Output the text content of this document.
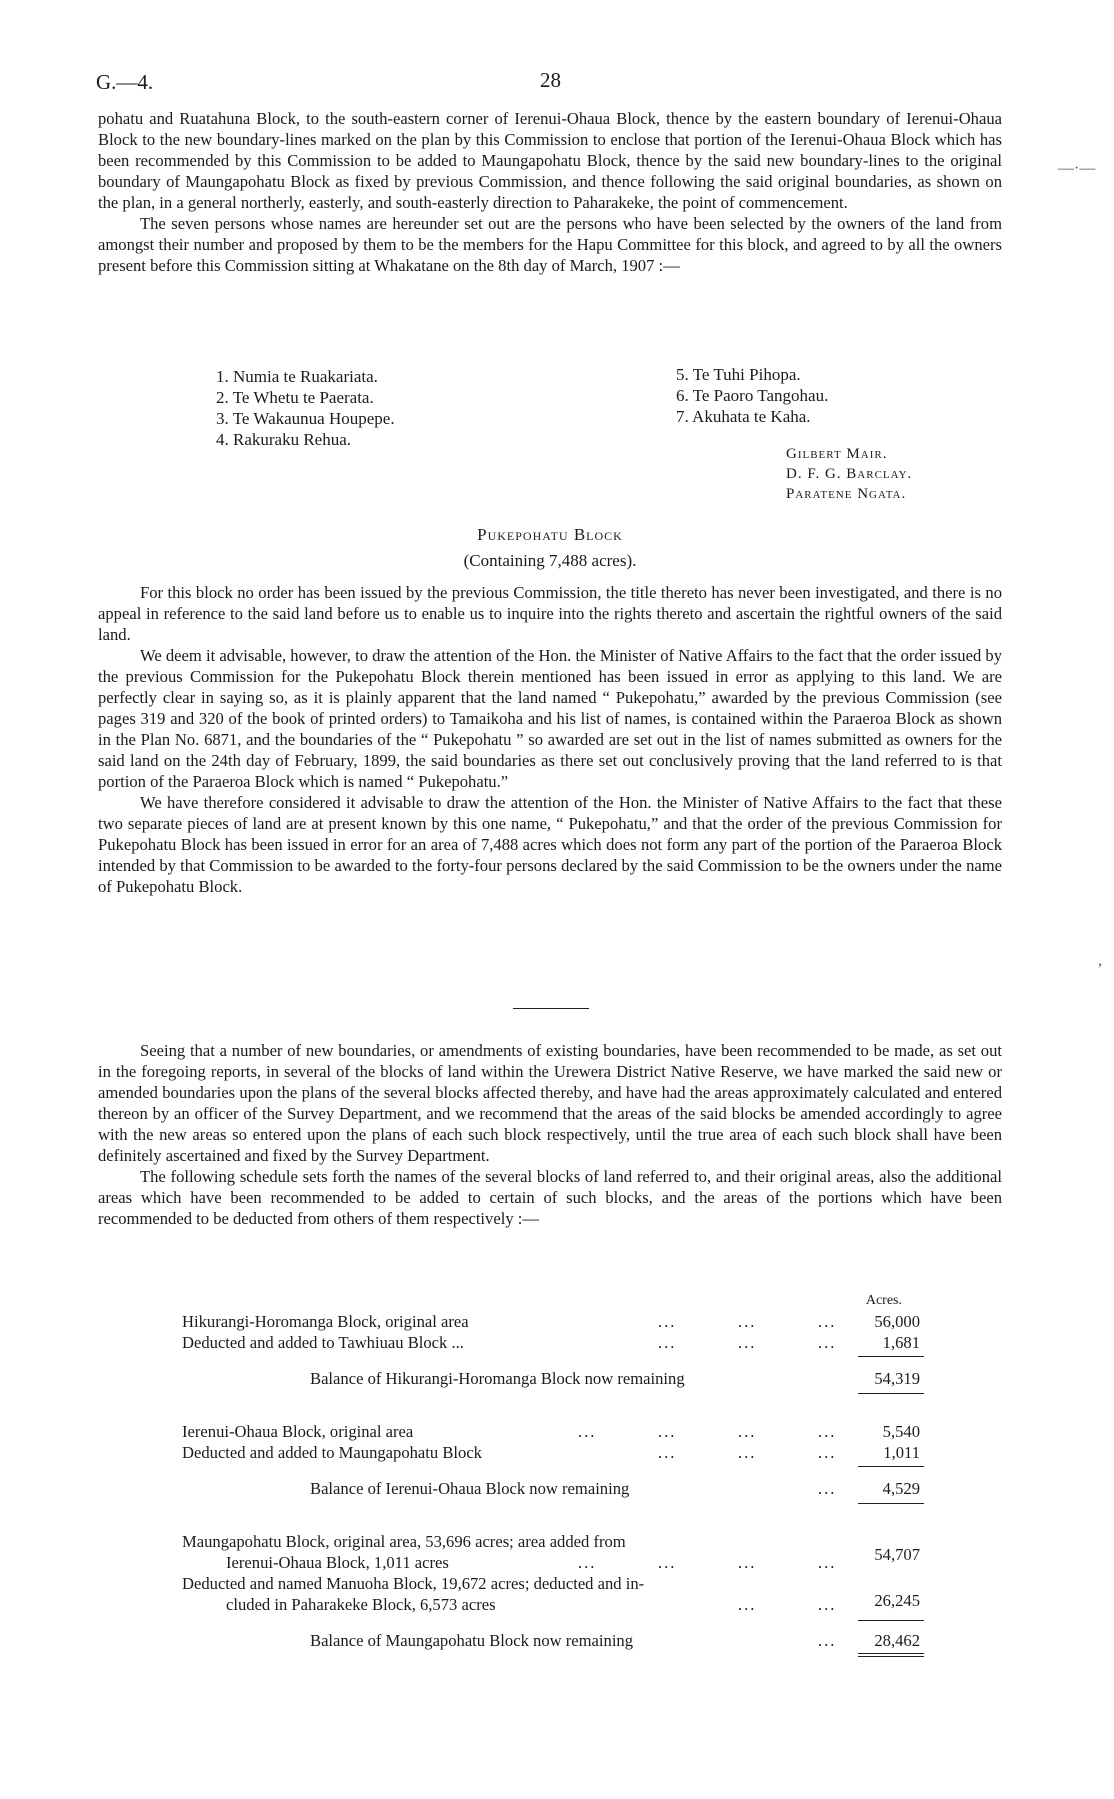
G.—4.	28

pohatu and Ruatahuna Block, to the south-eastern corner of Ierenui-Ohaua Block, thence by the eastern boundary of Ierenui-Ohaua Block to the new boundary-lines marked on the plan by this Commission to enclose that portion of the Ierenui-Ohaua Block which has been recommended by this Commission to be added to Maungapohatu Block, thence by the said new boundary-lines to the original boundary of Maungapohatu Block as fixed by previous Commission, and thence following the said original boundaries, as shown on the plan, in a general northerly, easterly, and south-easterly direction to Paharakeke, the point of commencement.

The seven persons whose names are hereunder set out are the persons who have been selected by the owners of the land from amongst their number and proposed by them to be the members for the Hapu Committee for this block, and agreed to by all the owners present before this Commission sitting at Whakatane on the 8th day of March, 1907 :—

1. Numia te Ruakariata.
2. Te Whetu te Paerata.
3. Te Wakaunua Houpepe.
4. Rakuraku Rehua.
5. Te Tuhi Pihopa.
6. Te Paoro Tangohau.
7. Akuhata te Kaha.
Gilbert Mair.
D. F. G. Barclay.
Paratene Ngata.
Pukepohatu Block
(Containing 7,488 acres).

For this block no order has been issued by the previous Commission, the title thereto has never been investigated, and there is no appeal in reference to the said land before us to enable us to inquire into the rights thereto and ascertain the rightful owners of the said land.

We deem it advisable, however, to draw the attention of the Hon. the Minister of Native Affairs to the fact that the order issued by the previous Commission for the Pukepohatu Block therein mentioned has been issued in error as applying to this land. We are perfectly clear in saying so, as it is plainly apparent that the land named “ Pukepohatu,” awarded by the previous Commission (see pages 319 and 320 of the book of printed orders) to Tamaikoha and his list of names, is contained within the Paraeroa Block as shown in the Plan No. 6871, and the boundaries of the “ Pukepohatu ” so awarded are set out in the list of names submitted as owners for the said land on the 24th day of February, 1899, the said boundaries as there set out conclusively proving that the land referred to is that portion of the Paraeroa Block which is named “ Pukepohatu.”

We have therefore considered it advisable to draw the attention of the Hon. the Minister of Native Affairs to the fact that these two separate pieces of land are at present known by this one name, “ Pukepohatu,” and that the order of the previous Commission for Pukepohatu Block has been issued in error for an area of 7,488 acres which does not form any part of the portion of the Paraeroa Block intended by that Commission to be awarded to the forty-four persons declared by the said Commission to be the owners under the name of Pukepohatu Block.

Seeing that a number of new boundaries, or amendments of existing boundaries, have been recommended to be made, as set out in the foregoing reports, in several of the blocks of land within the Urewera District Native Reserve, we have marked the said new or amended boundaries upon the plans of the several blocks affected thereby, and have had the areas approximately calculated and entered thereon by an officer of the Survey Department, and we recommend that the areas of the said blocks be amended accordingly to agree with the new areas so entered upon the plans of each such block respectively, until the true area of each such block shall have been definitely ascertained and fixed by the Survey Department.

The following schedule sets forth the names of the several blocks of land referred to, and their original areas, also the additional areas which have been recommended to be added to certain of such blocks, and the areas of the portions which have been recommended to be deducted from others of them respectively :—

Acres.
Hikurangi-Horomanga Block, original area	...	...	...	56,000
Deducted and added to Tawhiuau Block ...	...	...	...	1,681
Balance of Hikurangi-Horomanga Block now remaining	54,319
Ierenui-Ohaua Block, original area	...	...	...	...	5,540
Deducted and added to Maungapohatu Block	...	...	...	1,011
Balance of Ierenui-Ohaua Block now remaining	...	4,529
Maungapohatu Block, original area, 53,696 acres; area added from
Ierenui-Ohaua Block, 1,011 acres	...	...	...	...	54,707
Deducted and named Manuoha Block, 19,672 acres; deducted and in-
cluded in Paharakeke Block, 6,573 acres	...	...	26,245
Balance of Maungapohatu Block now remaining	...	28,462
—·—
,
